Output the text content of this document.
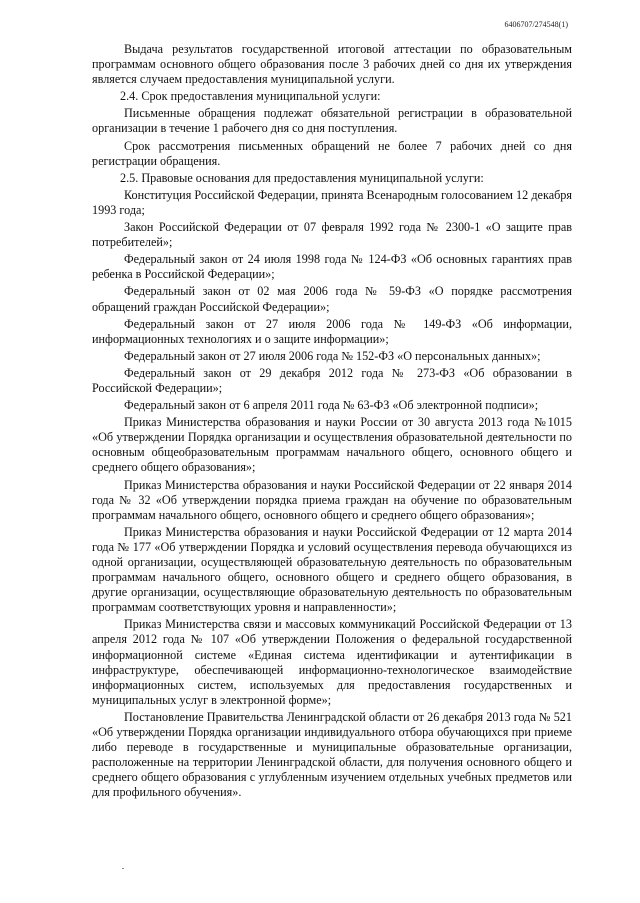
6406707/274548(1)

Выдача результатов государственной итоговой аттестации по образовательным программам основного общего образования после 3 рабочих дней со дня их утверждения является случаем предоставления муниципальной услуги.

2.4. Срок предоставления муниципальной услуги:

Письменные обращения подлежат обязательной регистрации в образовательной организации в течение 1 рабочего дня со дня поступления.

Срок рассмотрения письменных обращений не более 7 рабочих дней со дня регистрации обращения.

2.5. Правовые основания для предоставления муниципальной услуги:

Конституция Российской Федерации, принята Всенародным голосованием 12 декабря 1993 года;

Закон Российской Федерации от 07 февраля 1992 года № 2300-1 «О защите прав потребителей»;

Федеральный закон от 24 июля 1998 года № 124-ФЗ «Об основных гарантиях прав ребенка в Российской Федерации»;

Федеральный закон от 02 мая 2006 года № 59-ФЗ «О порядке рассмотрения обращений граждан Российской Федерации»;

Федеральный закон от 27 июля 2006 года № 149-ФЗ «Об информации, информационных технологиях и о защите информации»;

Федеральный закон от 27 июля 2006 года № 152-ФЗ «О персональных данных»;

Федеральный закон от 29 декабря 2012 года № 273-ФЗ «Об образовании в Российской Федерации»;

Федеральный закон от 6 апреля 2011 года № 63-ФЗ «Об электронной подписи»;

Приказ Министерства образования и науки России от 30 августа 2013 года №1015 «Об утверждении Порядка организации и осуществления образовательной деятельности по основным общеобразовательным программам начального общего, основного общего и среднего общего образования»;

Приказ Министерства образования и науки Российской Федерации от 22 января 2014 года № 32 «Об утверждении порядка приема граждан на обучение по образовательным программам начального общего, основного общего и среднего общего образования»;

Приказ Министерства образования и науки Российской Федерации от 12 марта 2014 года № 177 «Об утверждении Порядка и условий осуществления перевода обучающихся из одной организации, осуществляющей образовательную деятельность по образовательным программам начального общего, основного общего и среднего общего образования, в другие организации, осуществляющие образовательную деятельность по образовательным программам соответствующих уровня и направленности»;

Приказ Министерства связи и массовых коммуникаций Российской Федерации от 13 апреля 2012 года № 107 «Об утверждении Положения о федеральной государственной информационной системе «Единая система идентификации и аутентификации в инфраструктуре, обеспечивающей информационно-технологическое взаимодействие информационных систем, используемых для предоставления государственных и муниципальных услуг в электронной форме»;

Постановление Правительства Ленинградской области от 26 декабря 2013 года № 521 «Об утверждении Порядка организации индивидуального отбора обучающихся при приеме либо переводе в государственные и муниципальные образовательные организации, расположенные на территории Ленинградской области, для получения основного общего и среднего общего образования с углубленным изучением отдельных учебных предметов или для профильного обучения».
